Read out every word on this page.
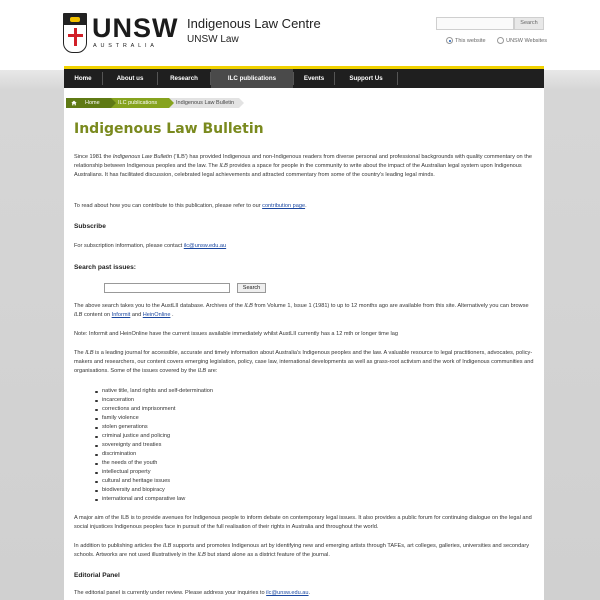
UNSW
AUSTRALIA
Indigenous Law Centre
UNSW Law
Search
This website	UNSW Websites
Home	About us	Research	ILC publications	Events	Support Us
Home	ILC publications	Indigenous Law Bulletin
Indigenous Law Bulletin
Since 1981 the Indigenous Law Bulletin ('ILB') has provided Indigenous and non-Indigenous readers from diverse personal and professional backgrounds with quality commentary on the relationship between Indigenous peoples and the law. The ILB provides a space for people in the community to write about the impact of the Australian legal system upon Indigenous Australians. It has facilitated discussion, celebrated legal achievements and attracted commentary from some of the country's leading legal minds.
To read about how you can contribute to this publication, please refer to our contribution page.
Subscribe
For subscription information, please contact ilc@unsw.edu.au
Search past issues:
Search
The above search takes you to the AustLII database. Archives of the ILB from Volume 1, Issue 1 (1981) to up to 12 months ago are available from this site. Alternatively you can browse ILB content on Informit and HeinOnline .
Note: Informit and HeinOnline have the current issues available immediately whilst AustLII currently has a 12 mth or longer time lag
The ILB is a leading journal for accessible, accurate and timely information about Australia's Indigenous peoples and the law. A valuable resource to legal practitioners, advocates, policy-makers and researchers, our content covers emerging legislation, policy, case law, international developments as well as grass-root activism and the work of Indigenous communities and organisations. Some of the issues covered by the ILB are:
native title, land rights and self-determination
incarceration
corrections and imprisonment
family violence
stolen generations
criminal justice and policing
sovereignty and treaties
discrimination
the needs of the youth
intellectual property
cultural and heritage issues
biodiversity and biopiracy
international and comparative law
A major aim of the ILB is to provide avenues for Indigenous people to inform debate on contemporary legal issues. It also provides a public forum for continuing dialogue on the legal and social injustices Indigenous peoples face in pursuit of the full realisation of their rights in Australia and throughout the world.
In addition to publishing articles the ILB supports and promotes Indigenous art by identifying new and emerging artists through TAFEs, art colleges, galleries, universities and secondary schools. Artworks are not used illustratively in the ILB but stand alone as a district feature of the journal.
Editorial Panel
The editorial panel is currently under review. Please address your inquiries to ilc@unsw.edu.au.
